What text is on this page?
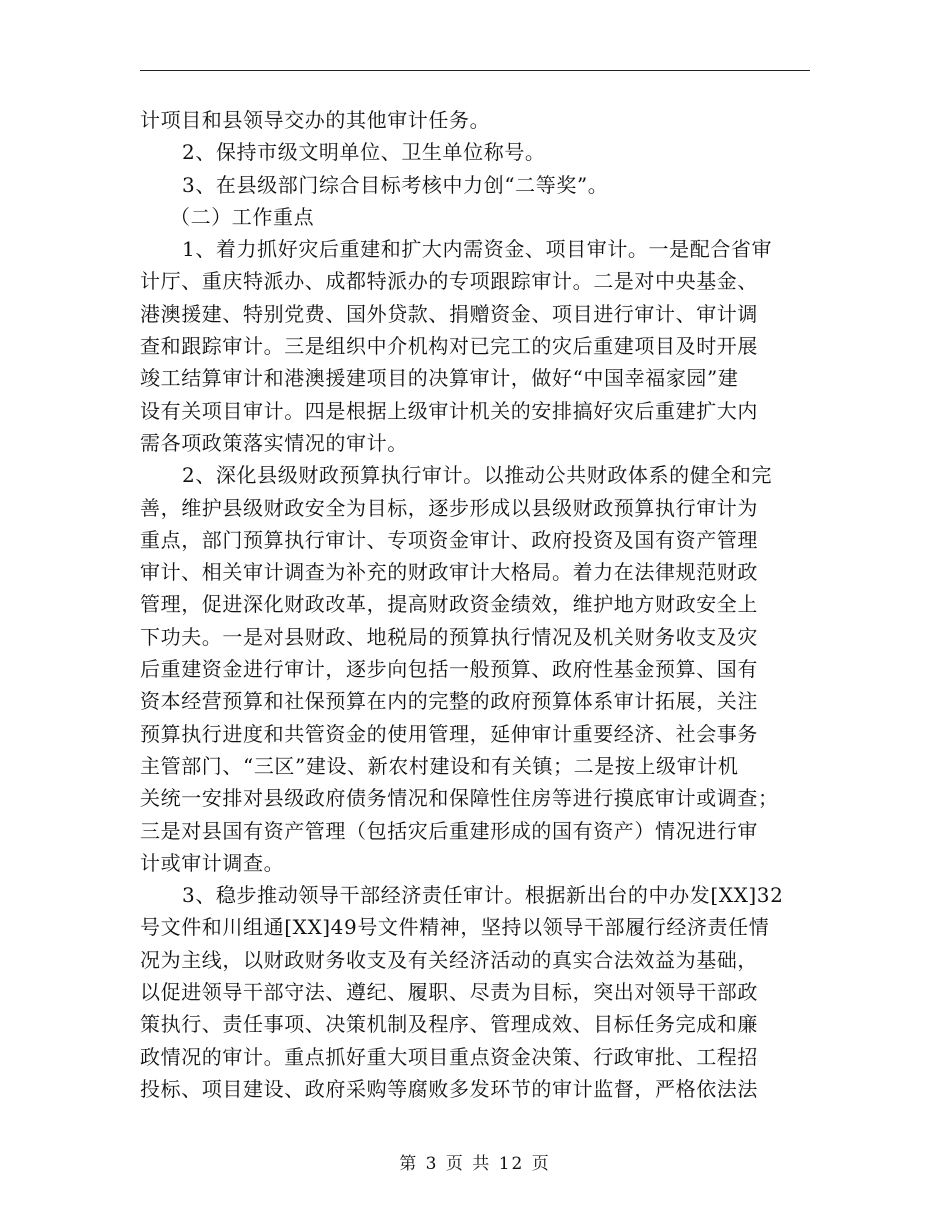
计项目和县领导交办的其他审计任务。
2、保持市级文明单位、卫生单位称号。
3、在县级部门综合目标考核中力创“二等奖”。
（二）工作重点
1、着力抓好灾后重建和扩大内需资金、项目审计。一是配合省审
计厅、重庆特派办、成都特派办的专项跟踪审计。二是对中央基金、
港澳援建、特别党费、国外贷款、捐赠资金、项目进行审计、审计调
查和跟踪审计。三是组织中介机构对已完工的灾后重建项目及时开展
竣工结算审计和港澳援建项目的决算审计，做好“中国幸福家园”建
设有关项目审计。四是根据上级审计机关的安排搞好灾后重建扩大内
需各项政策落实情况的审计。
2、深化县级财政预算执行审计。以推动公共财政体系的健全和完
善，维护县级财政安全为目标，逐步形成以县级财政预算执行审计为
重点，部门预算执行审计、专项资金审计、政府投资及国有资产管理
审计、相关审计调查为补充的财政审计大格局。着力在法律规范财政
管理，促进深化财政改革，提高财政资金绩效，维护地方财政安全上
下功夫。一是对县财政、地税局的预算执行情况及机关财务收支及灾
后重建资金进行审计，逐步向包括一般预算、政府性基金预算、国有
资本经营预算和社保预算在内的完整的政府预算体系审计拓展，关注
预算执行进度和共管资金的使用管理，延伸审计重要经济、社会事务
主管部门、“三区”建设、新农村建设和有关镇；二是按上级审计机
关统一安排对县级政府债务情况和保障性住房等进行摸底审计或调查；
三是对县国有资产管理（包括灾后重建形成的国有资产）情况进行审
计或审计调查。
3、稳步推动领导干部经济责任审计。根据新出台的中办发[XX]32
号文件和川组通[XX]49号文件精神，坚持以领导干部履行经济责任情
况为主线，以财政财务收支及有关经济活动的真实合法效益为基础，
以促进领导干部守法、遵纪、履职、尽责为目标，突出对领导干部政
策执行、责任事项、决策机制及程序、管理成效、目标任务完成和廉
政情况的审计。重点抓好重大项目重点资金决策、行政审批、工程招
投标、项目建设、政府采购等腐败多发环节的审计监督，严格依法法
第 3 页 共 12 页
